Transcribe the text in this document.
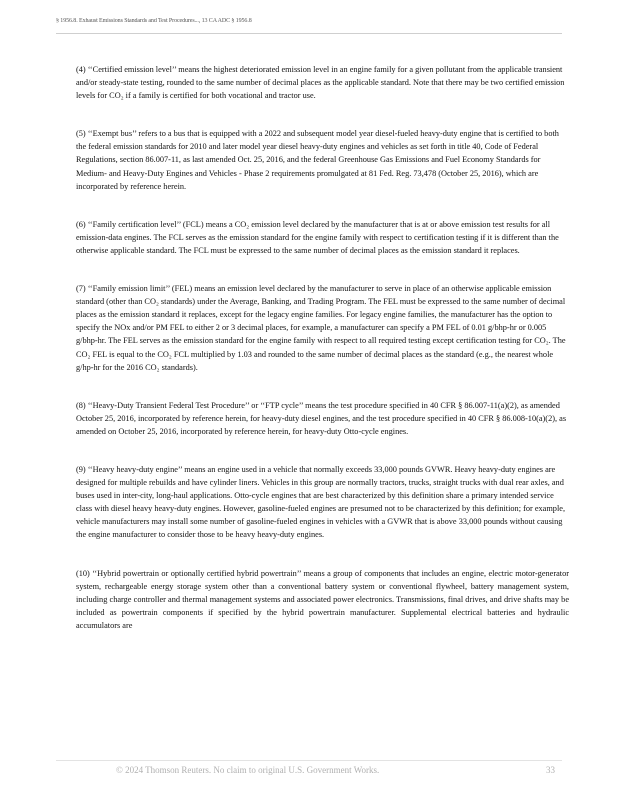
§ 1956.8. Exhaust Emissions Standards and Test Procedures..., 13 CA ADC § 1956.8

(4) ‘‘Certified emission level’’ means the highest deteriorated emission level in an engine family for a given pollutant from the applicable transient and/or steady-state testing, rounded to the same number of decimal places as the applicable standard. Note that there may be two certified emission levels for CO₂ if a family is certified for both vocational and tractor use.

(5) ‘‘Exempt bus’’ refers to a bus that is equipped with a 2022 and subsequent model year diesel-fueled heavy-duty engine that is certified to both the federal emission standards for 2010 and later model year diesel heavy-duty engines and vehicles as set forth in title 40, Code of Federal Regulations, section 86.007-11, as last amended Oct. 25, 2016, and the federal Greenhouse Gas Emissions and Fuel Economy Standards for Medium- and Heavy-Duty Engines and Vehicles - Phase 2 requirements promulgated at 81 Fed. Reg. 73,478 (October 25, 2016), which are incorporated by reference herein.

(6) ‘‘Family certification level’’ (FCL) means a CO₂ emission level declared by the manufacturer that is at or above emission test results for all emission-data engines. The FCL serves as the emission standard for the engine family with respect to certification testing if it is different than the otherwise applicable standard. The FCL must be expressed to the same number of decimal places as the emission standard it replaces.

(7) ‘‘Family emission limit’’ (FEL) means an emission level declared by the manufacturer to serve in place of an otherwise applicable emission standard (other than CO₂ standards) under the Average, Banking, and Trading Program. The FEL must be expressed to the same number of decimal places as the emission standard it replaces, except for the legacy engine families. For legacy engine families, the manufacturer has the option to specify the NOx and/or PM FEL to either 2 or 3 decimal places, for example, a manufacturer can specify a PM FEL of 0.01 g/bhp-hr or 0.005 g/bhp-hr. The FEL serves as the emission standard for the engine family with respect to all required testing except certification testing for CO₂. The CO₂ FEL is equal to the CO₂ FCL multiplied by 1.03 and rounded to the same number of decimal places as the standard (e.g., the nearest whole g/hp-hr for the 2016 CO₂ standards).

(8) ‘‘Heavy-Duty Transient Federal Test Procedure’’ or ‘‘FTP cycle’’ means the test procedure specified in 40 CFR § 86.007-11(a)(2), as amended October 25, 2016, incorporated by reference herein, for heavy-duty diesel engines, and the test procedure specified in 40 CFR § 86.008-10(a)(2), as amended on October 25, 2016, incorporated by reference herein, for heavy-duty Otto-cycle engines.

(9) ‘‘Heavy heavy-duty engine’’ means an engine used in a vehicle that normally exceeds 33,000 pounds GVWR. Heavy heavy-duty engines are designed for multiple rebuilds and have cylinder liners. Vehicles in this group are normally tractors, trucks, straight trucks with dual rear axles, and buses used in inter-city, long-haul applications. Otto-cycle engines that are best characterized by this definition share a primary intended service class with diesel heavy heavy-duty engines. However, gasoline-fueled engines are presumed not to be characterized by this definition; for example, vehicle manufacturers may install some number of gasoline-fueled engines in vehicles with a GVWR that is above 33,000 pounds without causing the engine manufacturer to consider those to be heavy heavy-duty engines.

(10) ‘‘Hybrid powertrain or optionally certified hybrid powertrain’’ means a group of components that includes an engine, electric motor-generator system, rechargeable energy storage system other than a conventional battery system or conventional flywheel, battery management system, including charge controller and thermal management systems and associated power electronics. Transmissions, final drives, and drive shafts may be included as powertrain components if specified by the hybrid powertrain manufacturer. Supplemental electrical batteries and hydraulic accumulators are

© 2024 Thomson Reuters. No claim to original U.S. Government Works.	33
